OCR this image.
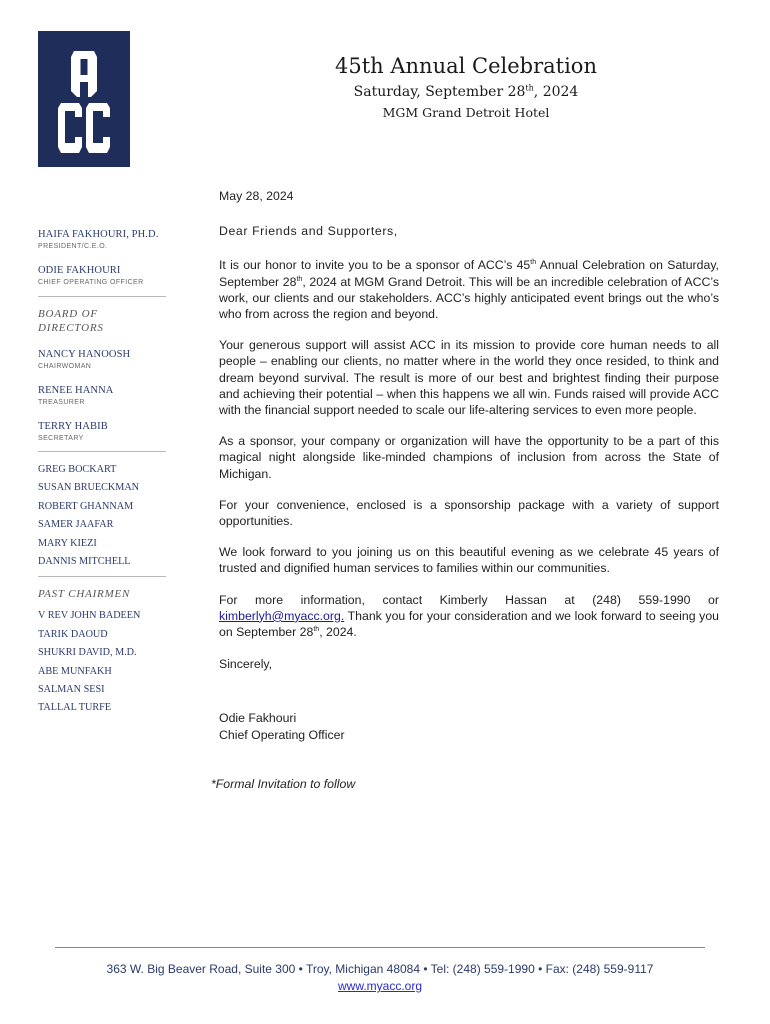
45th Annual Celebration
Saturday, September 28th, 2024
MGM Grand Detroit Hotel
HAIFA FAKHOURI, PH.D.
PRESIDENT/C.E.O.
ODIE FAKHOURI
CHIEF OPERATING OFFICER
BOARD OF DIRECTORS
NANCY HANOOSH
CHAIRWOMAN
RENEE HANNA
TREASURER
TERRY HABIB
SECRETARY
GREG BOCKART
SUSAN BRUECKMAN
ROBERT GHANNAM
SAMER JAAFAR
MARY KIEZI
DANNIS MITCHELL
PAST CHAIRMEN
V REV JOHN BADEEN
TARIK DAOUD
SHUKRI DAVID, M.D.
ABE MUNFAKH
SALMAN SESI
TALLAL TURFE

May 28, 2024

Dear Friends and Supporters,

It is our honor to invite you to be a sponsor of ACC’s 45th Annual Celebration on Saturday, September 28th, 2024 at MGM Grand Detroit. This will be an incredible celebration of ACC’s work, our clients and our stakeholders. ACC’s highly anticipated event brings out the who’s who from across the region and beyond.

Your generous support will assist ACC in its mission to provide core human needs to all people – enabling our clients, no matter where in the world they once resided, to think and dream beyond survival. The result is more of our best and brightest finding their purpose and achieving their potential – when this happens we all win. Funds raised will provide ACC with the financial support needed to scale our life-altering services to even more people.

As a sponsor, your company or organization will have the opportunity to be a part of this magical night alongside like-minded champions of inclusion from across the State of Michigan.

For your convenience, enclosed is a sponsorship package with a variety of support opportunities.

We look forward to you joining us on this beautiful evening as we celebrate 45 years of trusted and dignified human services to families within our communities.

For more information, contact Kimberly Hassan at (248) 559-1990 or kimberlyh@myacc.org. Thank you for your consideration and we look forward to seeing you on September 28th, 2024.

Sincerely,

Odie Fakhouri

Chief Operating Officer

*Formal Invitation to follow

363 W. Big Beaver Road, Suite 300 • Troy, Michigan 48084 • Tel: (248) 559-1990 • Fax: (248) 559-9117
www.myacc.org
